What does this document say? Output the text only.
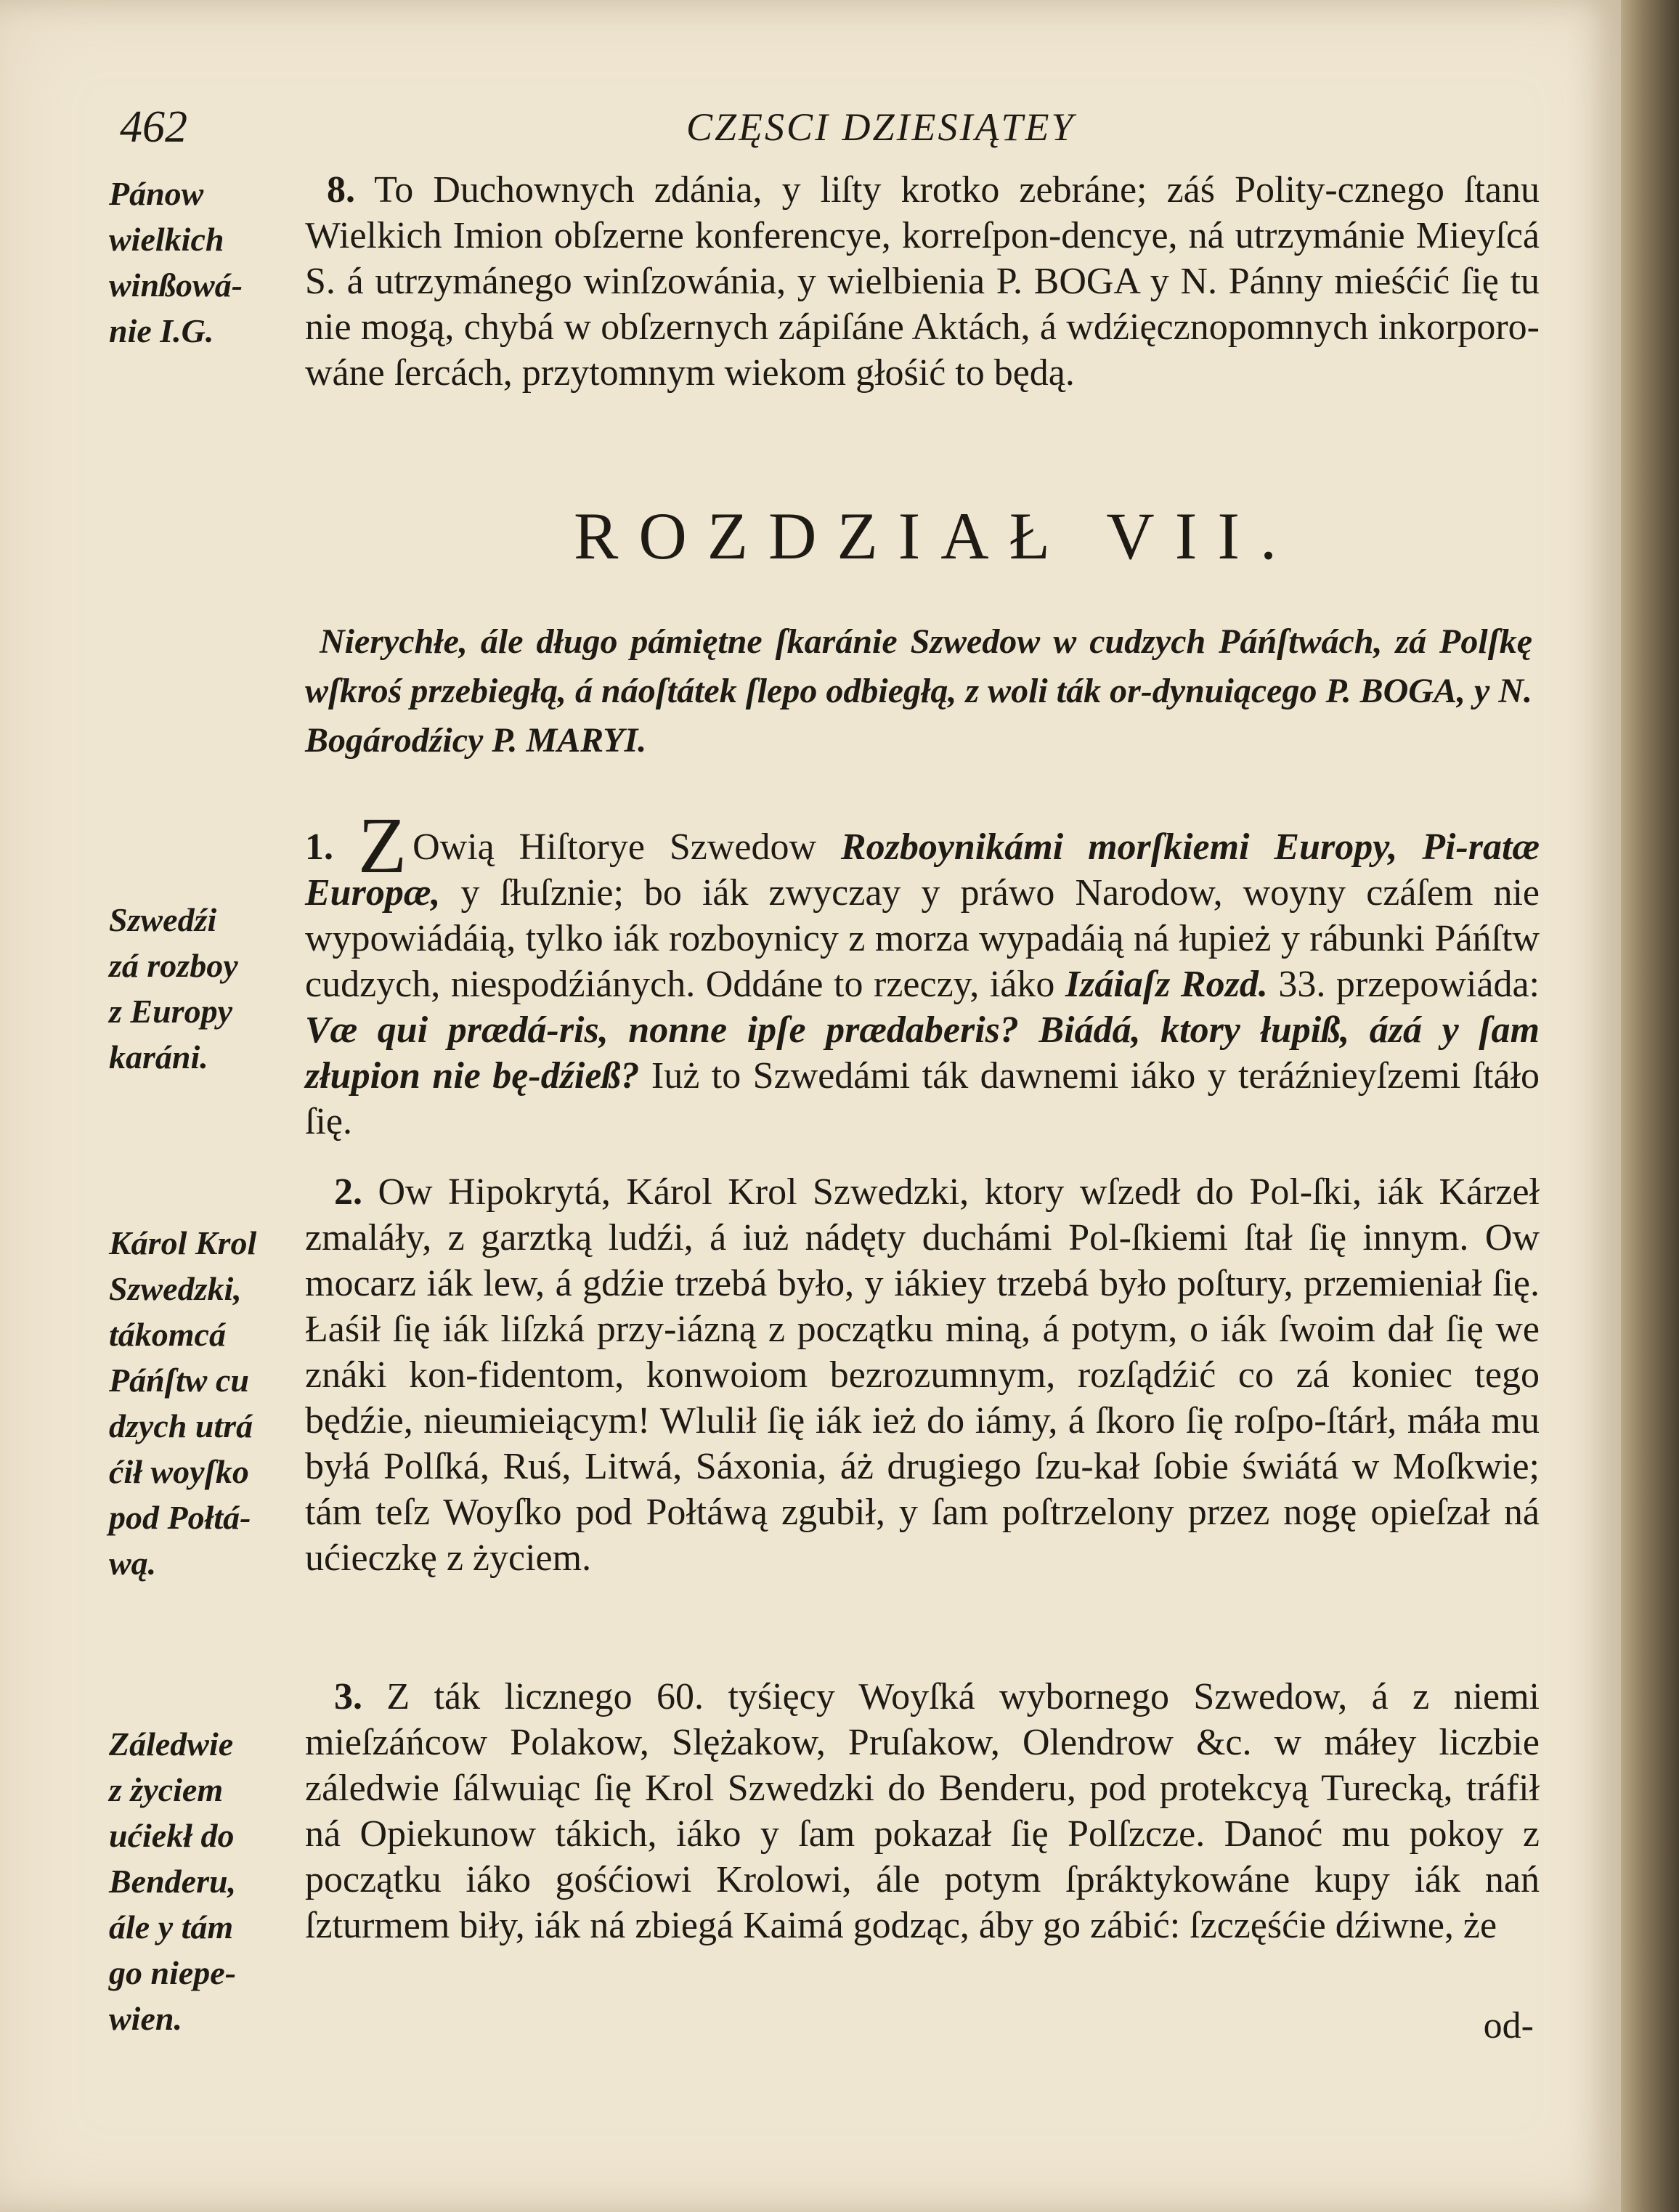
462	CZĘSCI DZIESIĄTEY
Pánow
wielkich
winßowá-
nie I.G.
8. To Duchownych zdánia, y liſty krotko zebráne; záś Polity-cznego ſtanu Wielkich Imion obſzerne konferencye, korreſpon-dencye, ná utrzymánie Mieyſcá S. á utrzymánego winſzowánia, y wielbienia P. BOGA y N. Pánny mieśćić ſię tu nie mogą, chybá w obſzernych zápiſáne Aktách, á wdźięcznopomnych inkorporo-wáne ſercách, przytomnym wiekom głośić to będą.
ROZDZIAŁ VII.
Nierychłe, ále długo pámiętne ſkaránie Szwedow w cudzych Páńſtwách, zá Polſkę wſkroś przebiegłą, á náoſtátek ſlepo odbiegłą, z woli ták or-dynuiącego P. BOGA, y N. Bogárodźicy P. MARYI.
Szwedźi
zá rozboy
z Europy
karáni.
1. Z Owią Hiſtorye Szwedow Rozboynikámi morſkiemi Europy, Pi-ratæ Europæ, y ſłuſznie; bo iák zwyczay y práwo Narodow, woyny czáſem nie wypowiádáią, tylko iák rozboynicy z morza wypadáią ná łupież y rábunki Páńſtw cudzych, niespodźiánych. Oddáne to rzeczy, iáko Izáiaſz Rozd. 33. przepowiáda: Væ qui prædá-ris, nonne ipſe prædaberis? Biádá, ktory łupiß, ázá y ſam złupion nie bę-dźieß? Iuż to Szwedámi ták dawnemi iáko y teráźnieyſzemi ſtáło ſię.
Károl Krol
Szwedzki,
tákomcá
Páńſtw cu
dzych utrá
ćił woyſko
pod Połtá-
wą.
2. Ow Hipokrytá, Károl Krol Szwedzki, ktory wſzedł do Pol-ſki, iák Kárzeł zmaláły, z garztką ludźi, á iuż nádęty duchámi Pol-ſkiemi ſtał ſię innym. Ow mocarz iák lew, á gdźie trzebá było, y iákiey trzebá było poſtury, przemieniał ſię. Łaśił ſię iák liſzká przy-iázną z początku miną, á potym, o iák ſwoim dał ſię we znáki kon-fidentom, konwoiom bezrozumnym, rozſądźić co zá koniec tego będźie, nieumieiącym! Wlulił ſię iák ież do iámy, á ſkoro ſię roſpo-ſtárł, máła mu byłá Polſká, Ruś, Litwá, Sáxonia, áż drugiego ſzu-kał ſobie świátá w Moſkwie; tám teſz Woyſko pod Połtáwą zgubił, y ſam poſtrzelony przez nogę opieſzał ná ućieczkę z życiem.
Záledwie
z życiem
ućiekł do
Benderu,
ále y tám
go niepe-
wien.
3. Z ták licznego 60. tyśięcy Woyſká wybornego Szwedow, á z niemi mieſzáńcow Polakow, Slężakow, Pruſakow, Olendrow &c. w máłey liczbie záledwie ſálwuiąc ſię Krol Szwedzki do Benderu, pod protekcyą Turecką, tráfił ná Opiekunow tákich, iáko y ſam pokazał ſię Polſzcze. Danoć mu pokoy z początku iáko gośćiowi Krolowi, ále potym ſpráktykowáne kupy iák nań ſzturmem biły, iák ná zbiegá Kaimá godząc, áby go zábić: ſzczęśćie dźiwne, że
od-
